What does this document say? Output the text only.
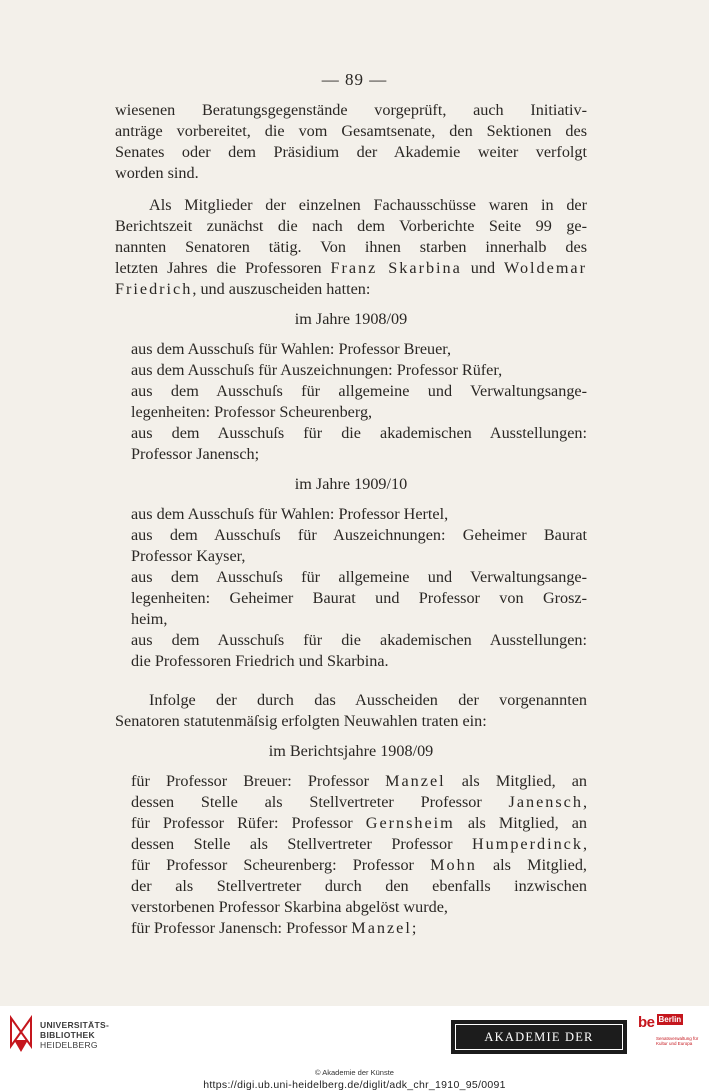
— 89 —

wiesenen Beratungsgegenstände vorgeprüft, auch Initiativ-

anträge vorbereitet, die vom Gesamtsenate, den Sektionen des

Senates oder dem Präsidium der Akademie weiter verfolgt

worden sind.

Als Mitglieder der einzelnen Fachausschüsse waren in der

Berichtszeit zunächst die nach dem Vorberichte Seite 99 ge-

nannten Senatoren tätig. Von ihnen starben innerhalb des

letzten Jahres die Professoren Franz Skarbina und Woldemar

Friedrich, und auszuscheiden hatten:

im Jahre 1908/09

aus dem Ausschuſs für Wahlen: Professor Breuer,

aus dem Ausschuſs für Auszeichnungen: Professor Rüfer,

aus dem Ausschuſs für allgemeine und Verwaltungsange-
legenheiten: Professor Scheurenberg,

aus dem Ausschuſs für die akademischen Ausstellungen:
Professor Janensch;

im Jahre 1909/10

aus dem Ausschuſs für Wahlen: Professor Hertel,

aus dem Ausschuſs für Auszeichnungen: Geheimer Baurat
Professor Kayser,

aus dem Ausschuſs für allgemeine und Verwaltungsange-
legenheiten: Geheimer Baurat und Professor von Grosz-
heim,

aus dem Ausschuſs für die akademischen Ausstellungen:
die Professoren Friedrich und Skarbina.

Infolge der durch das Ausscheiden der vorgenannten

Senatoren statutenmäſsig erfolgten Neuwahlen traten ein:

im Berichtsjahre 1908/09

für Professor Breuer: Professor Manzel als Mitglied, an
dessen Stelle als Stellvertreter Professor Janensch,

für Professor Rüfer: Professor Gernsheim als Mitglied, an
dessen Stelle als Stellvertreter Professor Humperdinck,

für Professor Scheurenberg: Professor Mohn als Mitglied,
der als Stellvertreter durch den ebenfalls inzwischen
verstorbenen Professor Skarbina abgelöst wurde,

für Professor Janensch: Professor Manzel;

UNIVERSITÄTS-
BIBLIOTHEK
HEIDELBERG
AKADEMIE DER KÜNSTE
be Berlin
Senatsverwaltung für Kultur und Europa
© Akademie der Künste
https://digi.ub.uni-heidelberg.de/diglit/adk_chr_1910_95/0091
